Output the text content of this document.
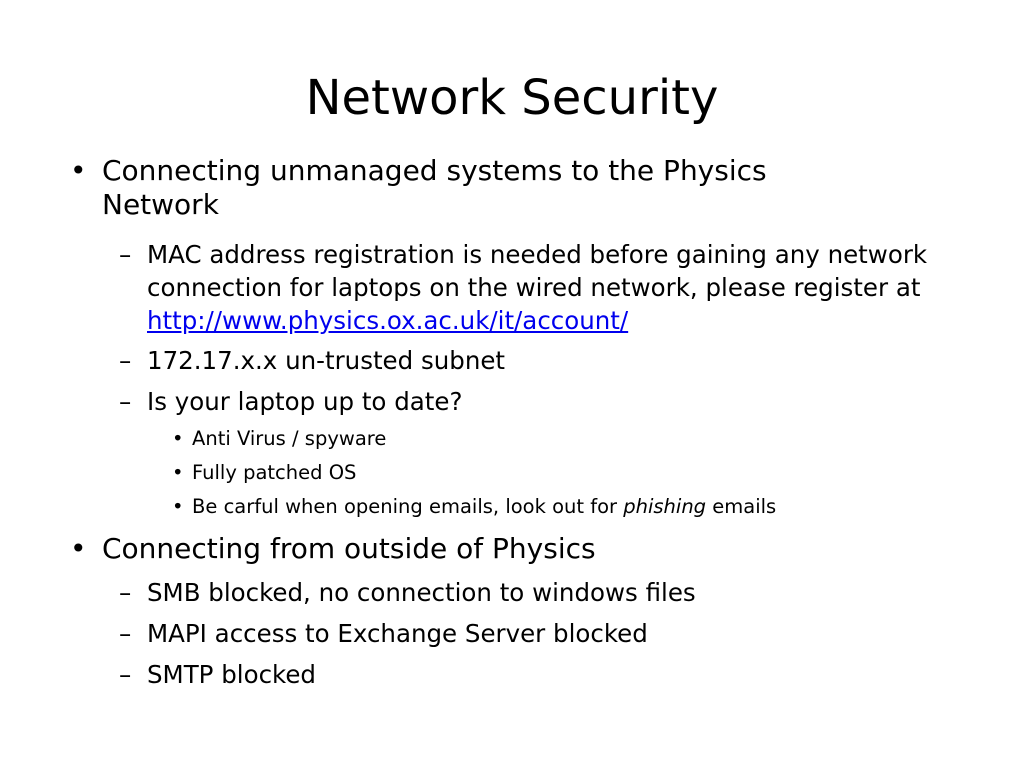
Network Security

• Connecting unmanaged systems to the Physics Network

– MAC address registration is needed before gaining any network connection for laptops on the wired network, please register at http://www.physics.ox.ac.uk/it/account/

– 172.17.x.x un-trusted subnet

– Is your laptop up to date?

• Anti Virus / spyware

• Fully patched OS

• Be carful when opening emails, look out for phishing emails

• Connecting from outside of Physics

– SMB blocked, no connection to windows files

– MAPI access to Exchange Server blocked

– SMTP blocked
